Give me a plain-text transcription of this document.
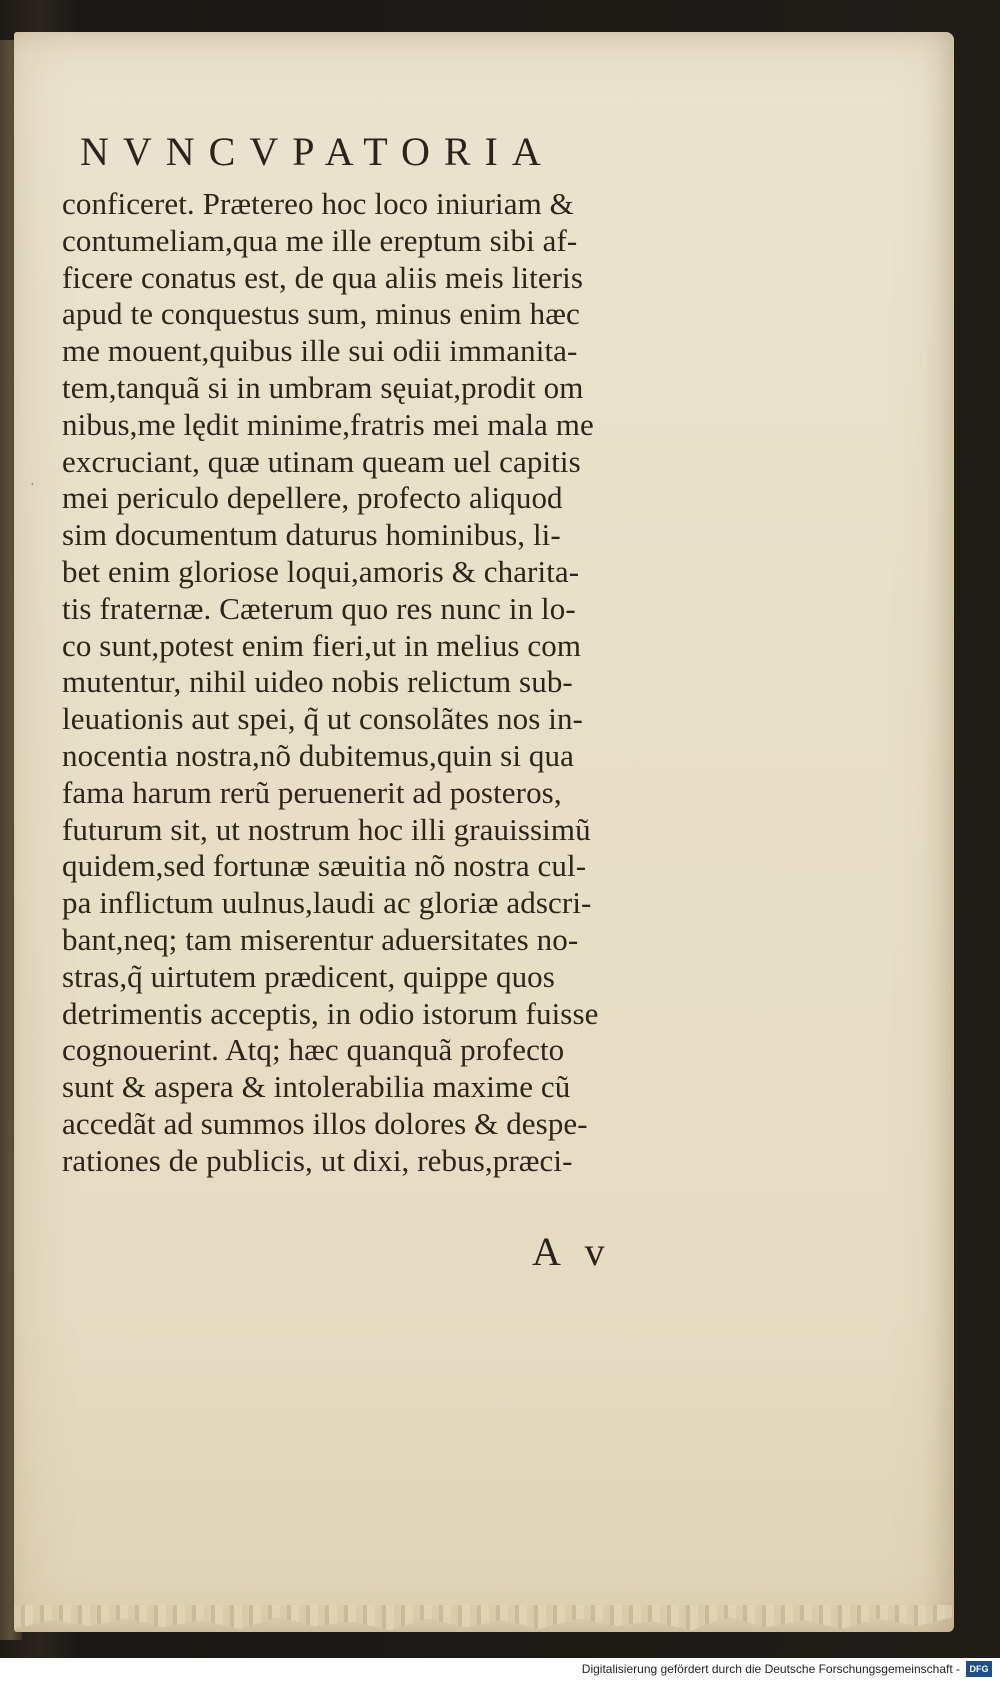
NVNCVPATORIA
·
conficeret. Prætereo hoc loco iniuriam &
contumeliam,qua me ille ereptum sibi af-
ficere conatus est, de qua aliis meis literis
apud te conquestus sum, minus enim hæc
me mouent,quibus ille sui odii immanita-
tem,tanquã si in umbram sęuiat,prodit om
nibus,me lędit minime,fratris mei mala me
excruciant, quæ utinam queam uel capitis
mei periculo depellere, profecto aliquod
sim documentum daturus hominibus, li-
bet enim gloriose loqui,amoris & charita-
tis fraternæ. Cæterum quo res nunc in lo-
co sunt,potest enim fieri,ut in melius com
mutentur, nihil uideo nobis relictum sub-
leuationis aut spei, q̃ ut consolãtes nos in-
nocentia nostra,nõ dubitemus,quin si qua
fama harum rerũ peruenerit ad posteros,
futurum sit, ut nostrum hoc illi grauissimũ
quidem,sed fortunæ sæuitia nõ nostra cul-
pa inflictum uulnus,laudi ac gloriæ adscri-
bant,neq; tam miserentur aduersitates no-
stras,q̃ uirtutem prædicent, quippe quos
detrimentis acceptis, in odio istorum fuisse
cognouerint. Atq; hæc quanquã profecto
sunt & aspera & intolerabilia maxime cũ
accedãt ad summos illos dolores & despe-
rationes de publicis, ut dixi, rebus,præci-
A v
Digitalisierung gefördert durch die Deutsche Forschungsgemeinschaft -	DFG
